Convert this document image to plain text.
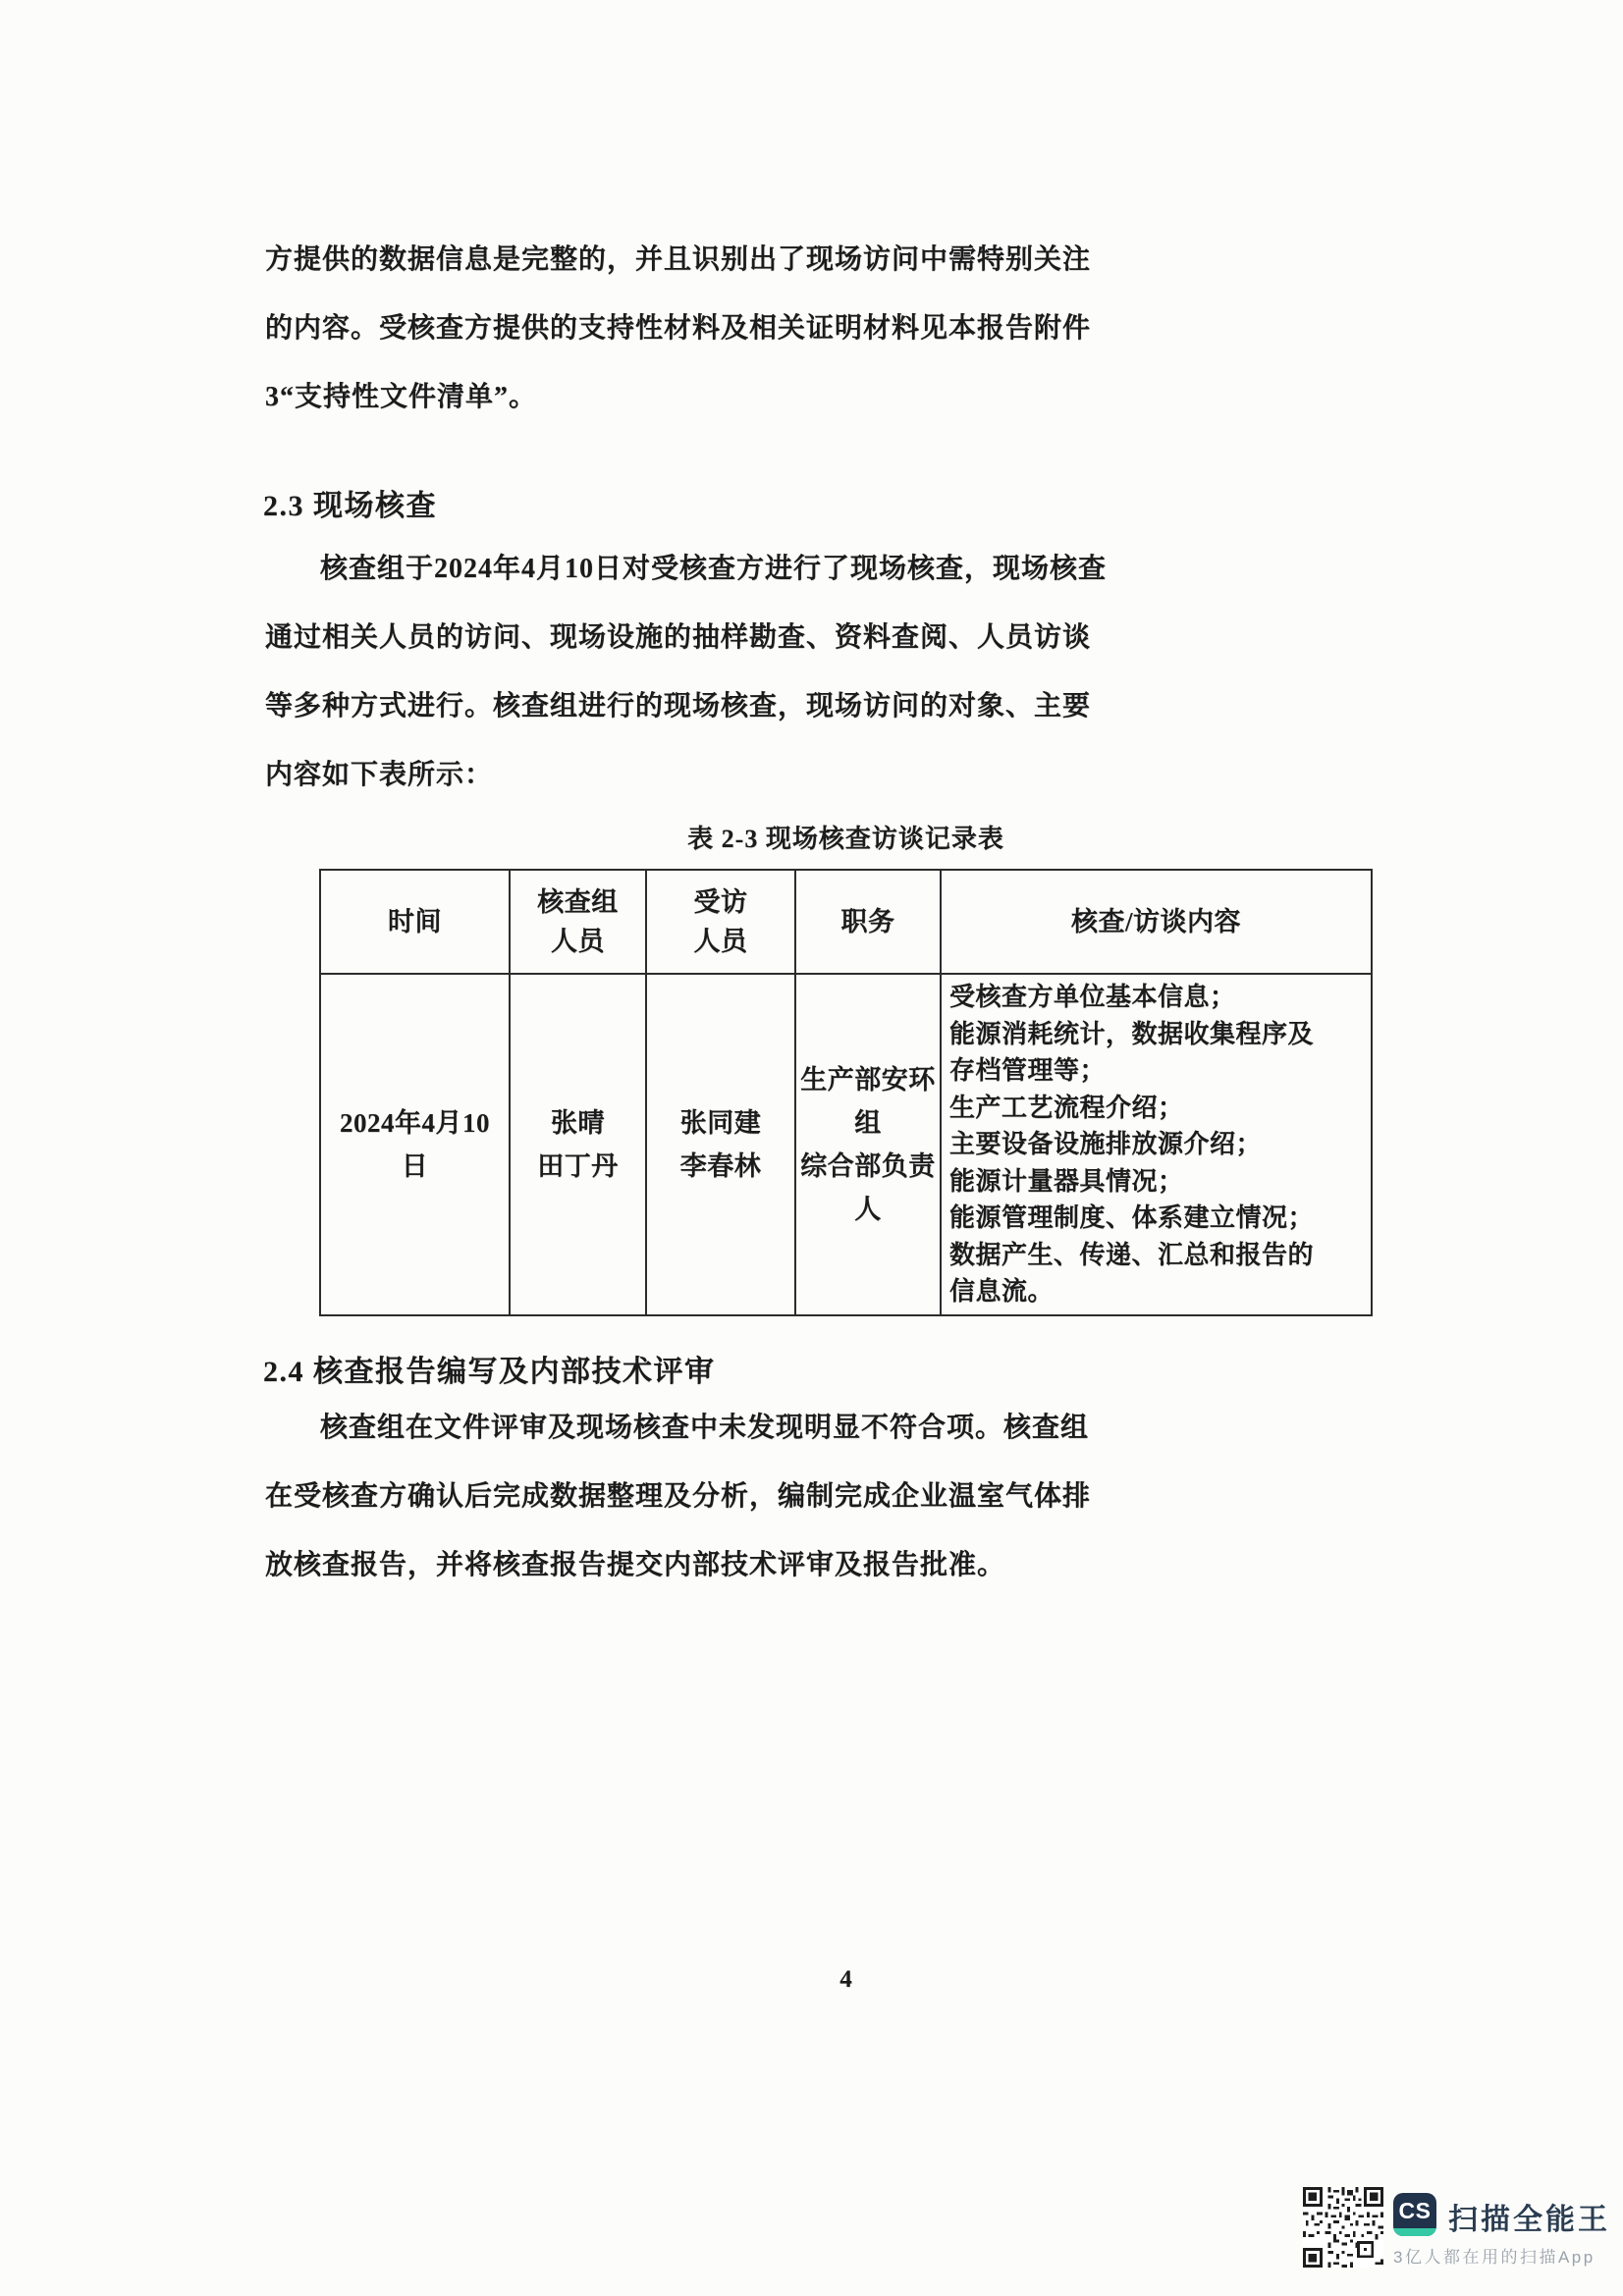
方提供的数据信息是完整的，并且识别出了现场访问中需特别关注
的内容。受核查方提供的支持性材料及相关证明材料见本报告附件
3“支持性文件清单”。
2.3 现场核查
核查组于2024年4月10日对受核查方进行了现场核查，现场核查
通过相关人员的访问、现场设施的抽样勘查、资料查阅、人员访谈
等多种方式进行。核查组进行的现场核查，现场访问的对象、主要
内容如下表所示：
表 2-3 现场核查访谈记录表
时间
核查组
人员
受访
人员
职务	核查/访谈内容
2024年4月10
日
张晴
田丁丹
张同建
李春林
生产部安环
组
综合部负责
人
受核查方单位基本信息；
能源消耗统计，数据收集程序及
存档管理等；
生产工艺流程介绍；
主要设备设施排放源介绍；
能源计量器具情况；
能源管理制度、体系建立情况；
数据产生、传递、汇总和报告的
信息流。
2.4 核查报告编写及内部技术评审
核查组在文件评审及现场核查中未发现明显不符合项。核查组
在受核查方确认后完成数据整理及分析，编制完成企业温室气体排
放核查报告，并将核查报告提交内部技术评审及报告批准。
4
CS 扫描全能王
3亿人都在用的扫描App
